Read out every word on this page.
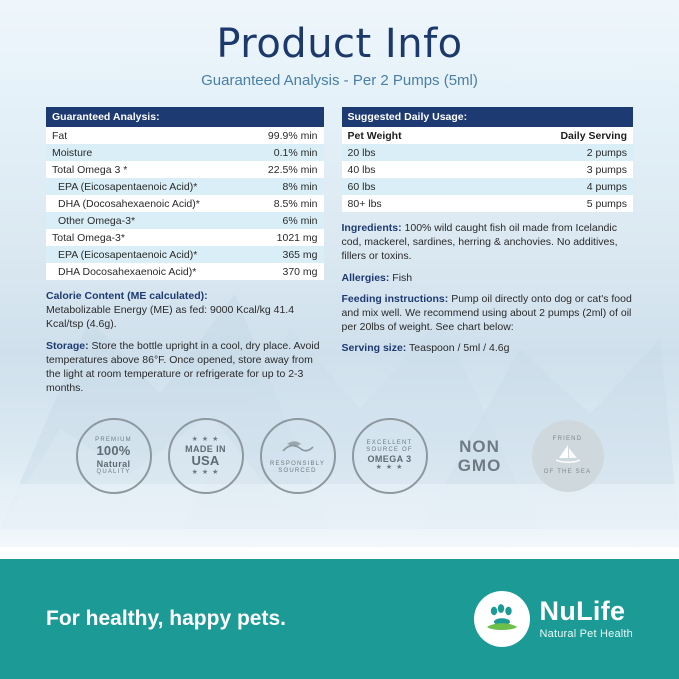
Product Info
Guaranteed Analysis - Per 2 Pumps (5ml)
Guaranteed Analysis:	
Fat	99.9% min
Moisture	0.1% min
Total Omega 3 *	22.5% min
EPA (Eicosapentaenoic Acid)*	8% min
DHA (Docosahexaenoic Acid)*	8.5% min
Other Omega-3*	6% min
Total Omega-3*	1021 mg
EPA (Eicosapentaenoic Acid)*	365 mg
DHA Docosahexaenoic Acid)*	370 mg

Calorie Content (ME calculated):
Metabolizable Energy (ME) as fed: 9000 Kcal/kg 41.4 Kcal/tsp (4.6g).

Storage: Store the bottle upright in a cool, dry place. Avoid temperatures above 86°F. Once opened, store away from the light at room temperature or refrigerate for up to 2-3 months.

Suggested Daily Usage:	
Pet Weight	Daily Serving
20 lbs	2 pumps
40 lbs	3 pumps
60 lbs	4 pumps
80+ lbs	5 pumps

Ingredients: 100% wild caught fish oil made from Icelandic cod, mackerel, sardines, herring & anchovies. No additives, fillers or toxins.

Allergies: Fish

Feeding instructions: Pump oil directly onto dog or cat's food and mix well. We recommend using about 2 pumps (2ml) of oil per 20lbs of weight. See chart below:

Serving size: Teaspoon / 5ml / 4.6g

PREMIUM
100%
Natural
QUALITY
★ ★ ★
MADE IN
USA
★ ★ ★
RESPONSIBLY SOURCED
EXCELLENT
SOURCE OF
OMEGA 3
★ ★ ★
NON
GMO
FRIEND
OF THE SEA
For healthy, happy pets.	NuLife
Natural Pet Health
